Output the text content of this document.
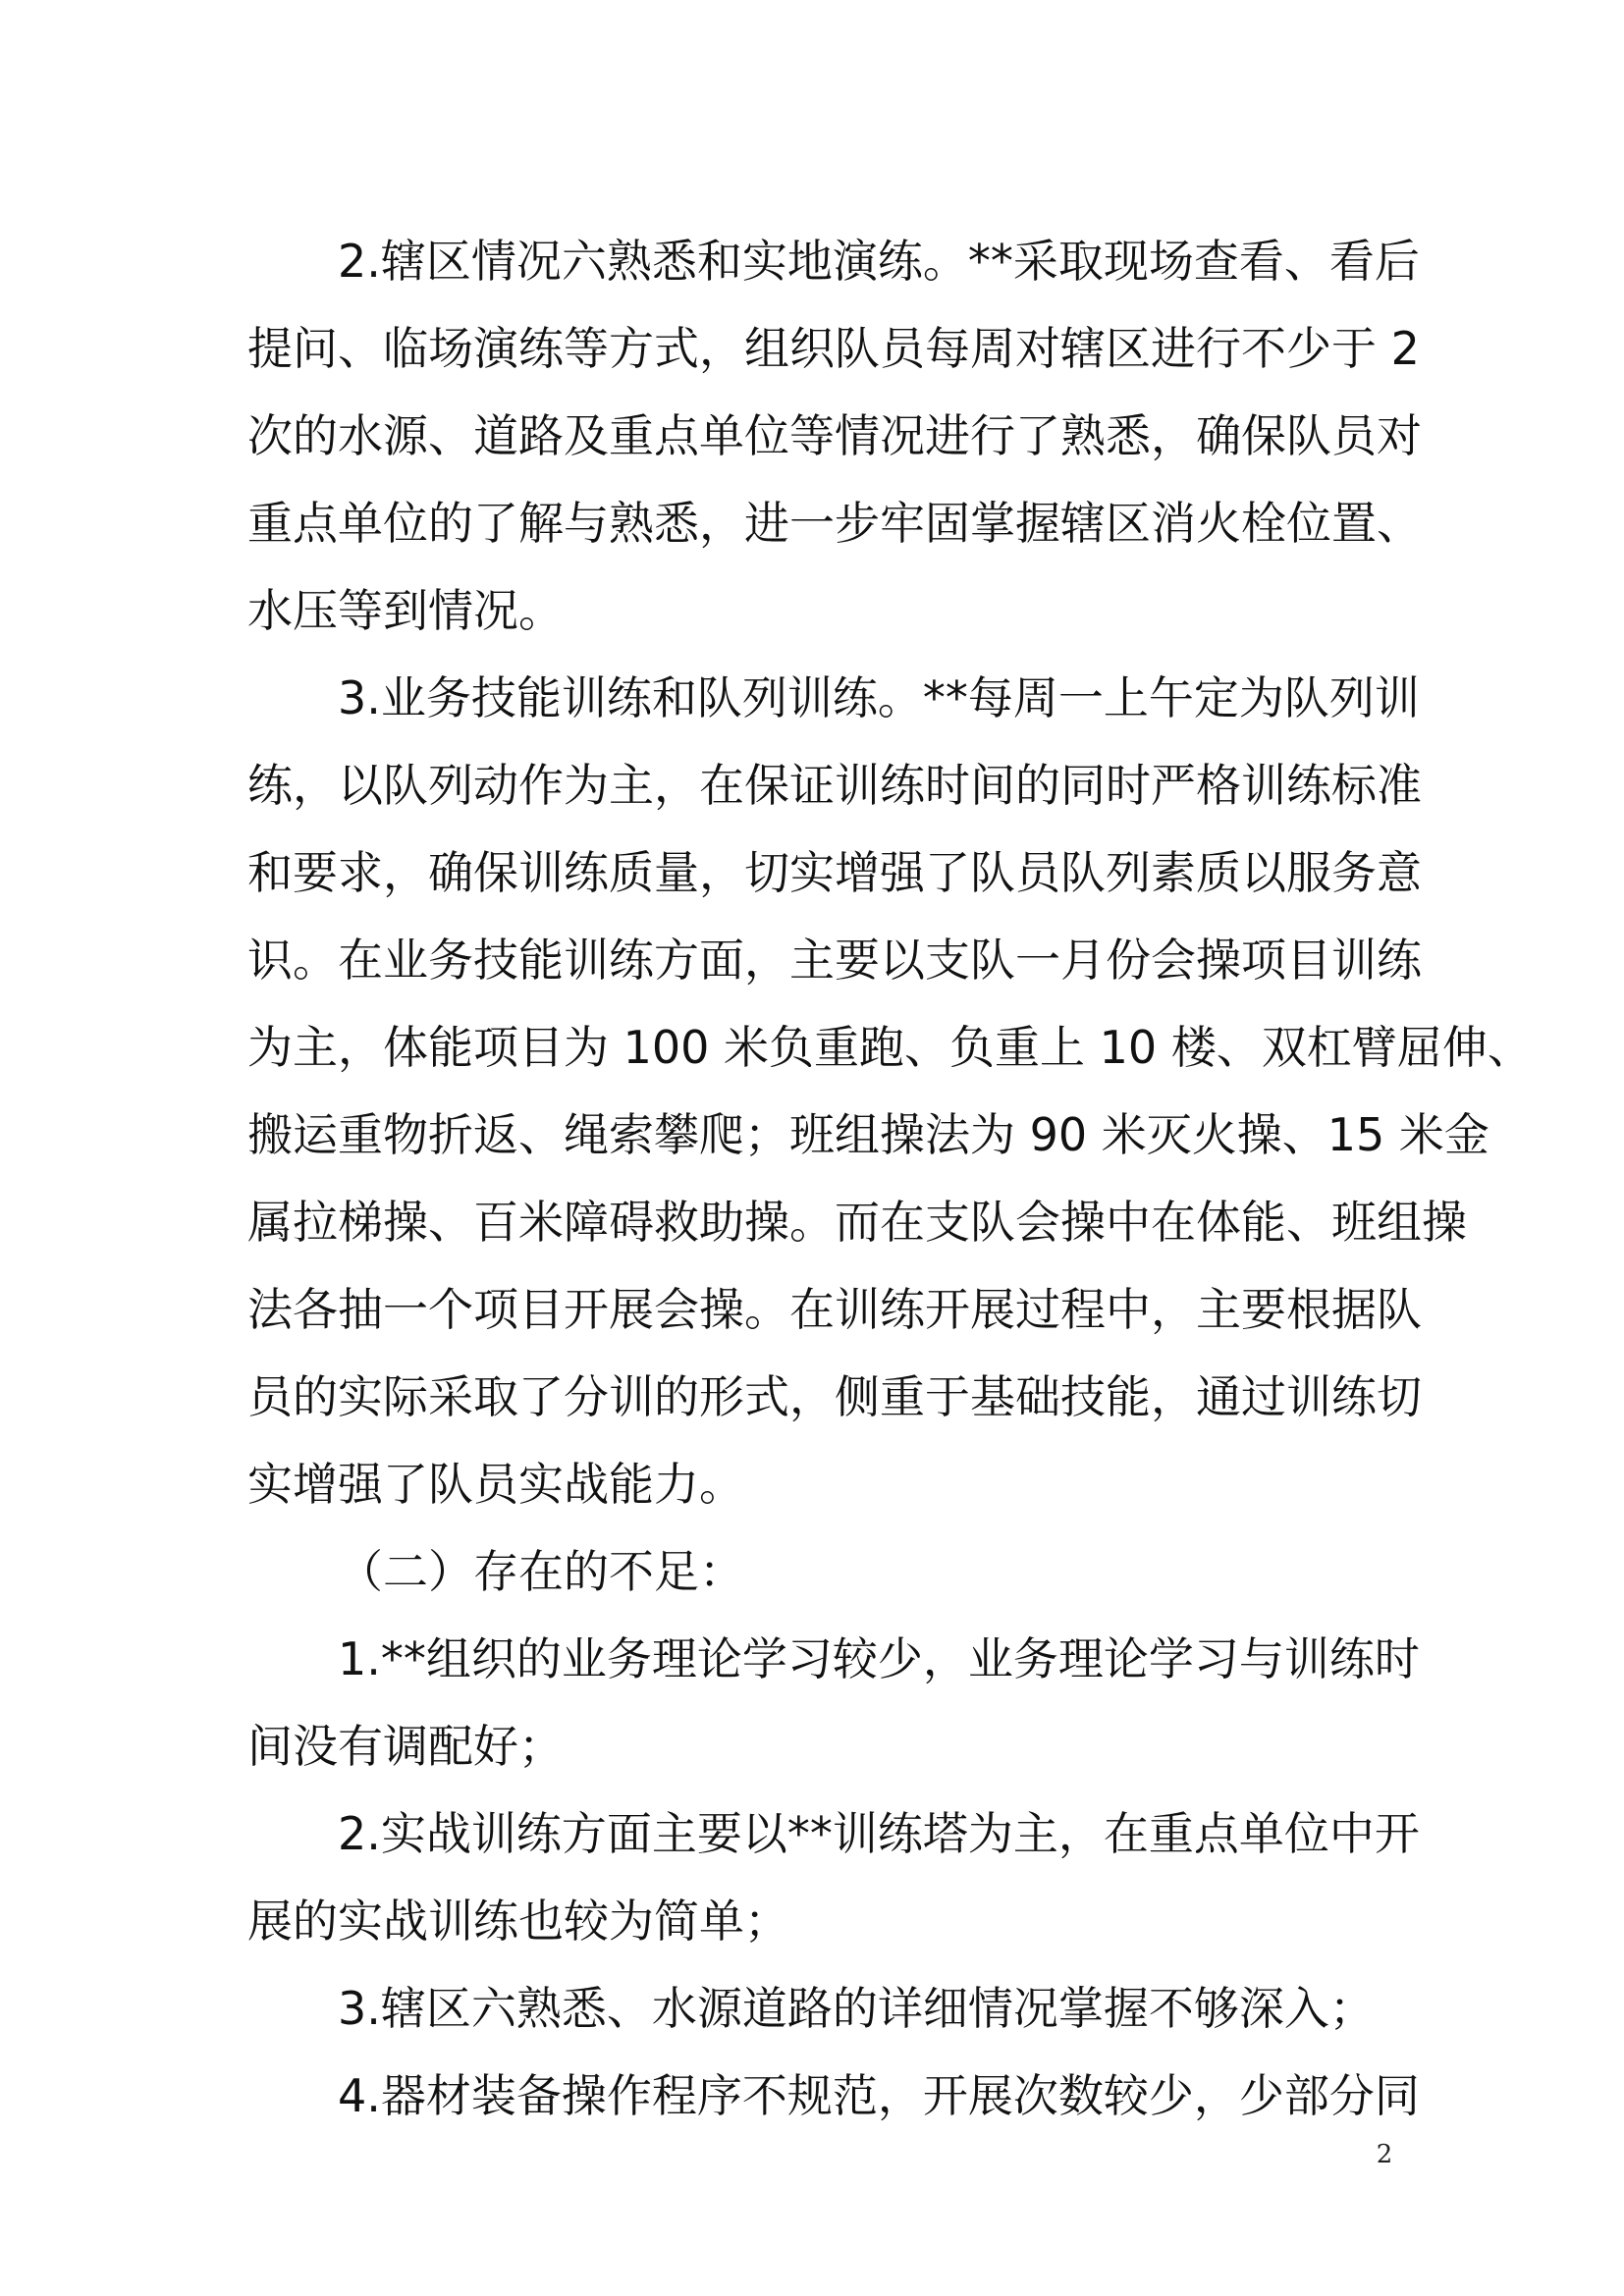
2.辖区情况六熟悉和实地演练。**采取现场查看、看后
提问、临场演练等方式，组织队员每周对辖区进行不少于 2
次的水源、道路及重点单位等情况进行了熟悉，确保队员对
重点单位的了解与熟悉，进一步牢固掌握辖区消火栓位置、
水压等到情况。
3.业务技能训练和队列训练。**每周一上午定为队列训
练，以队列动作为主，在保证训练时间的同时严格训练标准
和要求，确保训练质量，切实增强了队员队列素质以服务意
识。在业务技能训练方面，主要以支队一月份会操项目训练
为主，体能项目为 100 米负重跑、负重上 10 楼、双杠臂屈伸、
搬运重物折返、绳索攀爬；班组操法为 90 米灭火操、15 米金
属拉梯操、百米障碍救助操。而在支队会操中在体能、班组操
法各抽一个项目开展会操。在训练开展过程中，主要根据队
员的实际采取了分训的形式，侧重于基础技能，通过训练切
实增强了队员实战能力。
（二）存在的不足：
1.**组织的业务理论学习较少，业务理论学习与训练时
间没有调配好；
2.实战训练方面主要以**训练塔为主，在重点单位中开
展的实战训练也较为简单；
3.辖区六熟悉、水源道路的详细情况掌握不够深入；
4.器材装备操作程序不规范，开展次数较少，少部分同
2
